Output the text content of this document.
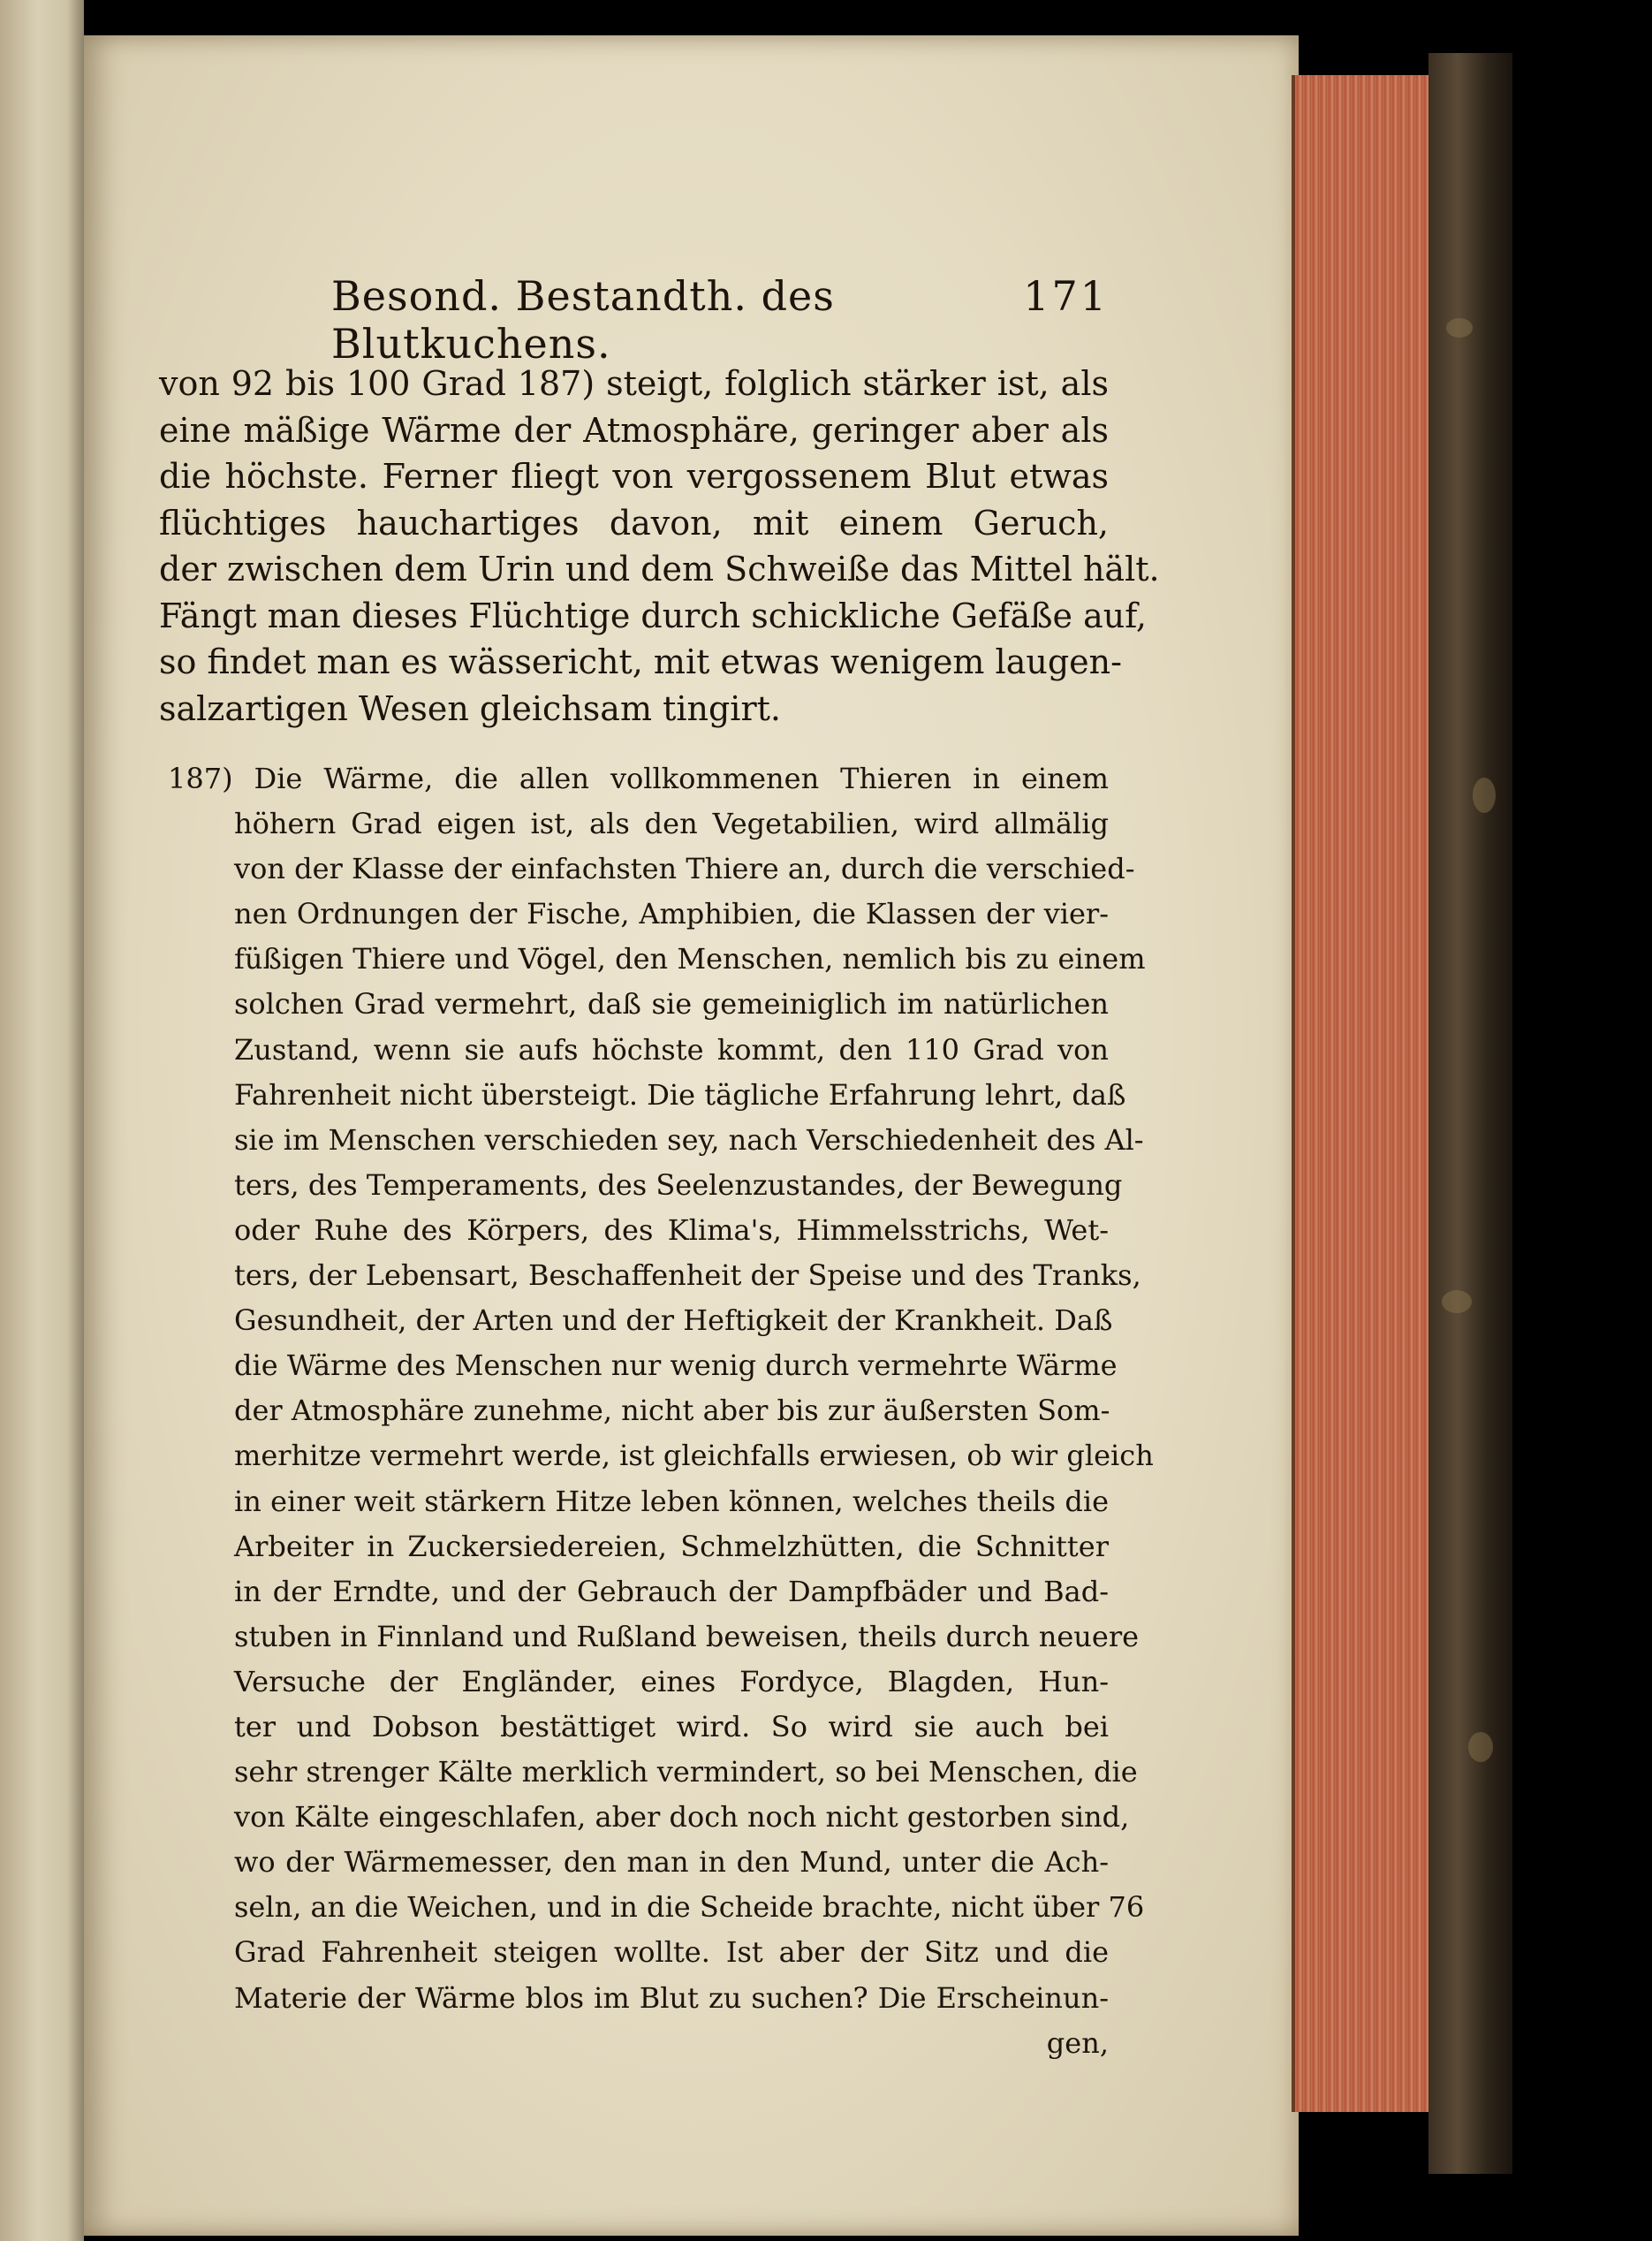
Besond. Bestandth. des Blutkuchens.
171
von 92 bis 100 Grad 187) steigt, folglich stärker ist, als
eine mäßige Wärme der Atmosphäre, geringer aber als
die höchste. Ferner fliegt von vergossenem Blut etwas
flüchtiges hauchartiges davon, mit einem Geruch,
der zwischen dem Urin und dem Schweiße das Mittel hält.
Fängt man dieses Flüchtige durch schickliche Gefäße auf,
so findet man es wässericht, mit etwas wenigem laugen-
salzartigen Wesen gleichsam tingirt.
187) Die Wärme, die allen vollkommenen Thieren in einem
höhern Grad eigen ist, als den Vegetabilien, wird allmälig
von der Klasse der einfachsten Thiere an, durch die verschied-
nen Ordnungen der Fische, Amphibien, die Klassen der vier-
füßigen Thiere und Vögel, den Menschen, nemlich bis zu einem
solchen Grad vermehrt, daß sie gemeiniglich im natürlichen
Zustand, wenn sie aufs höchste kommt, den 110 Grad von
Fahrenheit nicht übersteigt. Die tägliche Erfahrung lehrt, daß
sie im Menschen verschieden sey, nach Verschiedenheit des Al-
ters, des Temperaments, des Seelenzustandes, der Bewegung
oder Ruhe des Körpers, des Klima's, Himmelsstrichs, Wet-
ters, der Lebensart, Beschaffenheit der Speise und des Tranks,
Gesundheit, der Arten und der Heftigkeit der Krankheit. Daß
die Wärme des Menschen nur wenig durch vermehrte Wärme
der Atmosphäre zunehme, nicht aber bis zur äußersten Som-
merhitze vermehrt werde, ist gleichfalls erwiesen, ob wir gleich
in einer weit stärkern Hitze leben können, welches theils die
Arbeiter in Zuckersiedereien, Schmelzhütten, die Schnitter
in der Erndte, und der Gebrauch der Dampfbäder und Bad-
stuben in Finnland und Rußland beweisen, theils durch neuere
Versuche der Engländer, eines Fordyce, Blagden, Hun-
ter und Dobson bestättiget wird. So wird sie auch bei
sehr strenger Kälte merklich vermindert, so bei Menschen, die
von Kälte eingeschlafen, aber doch noch nicht gestorben sind,
wo der Wärmemesser, den man in den Mund, unter die Ach-
seln, an die Weichen, und in die Scheide brachte, nicht über 76
Grad Fahrenheit steigen wollte. Ist aber der Sitz und die
Materie der Wärme blos im Blut zu suchen? Die Erscheinun-
gen,
